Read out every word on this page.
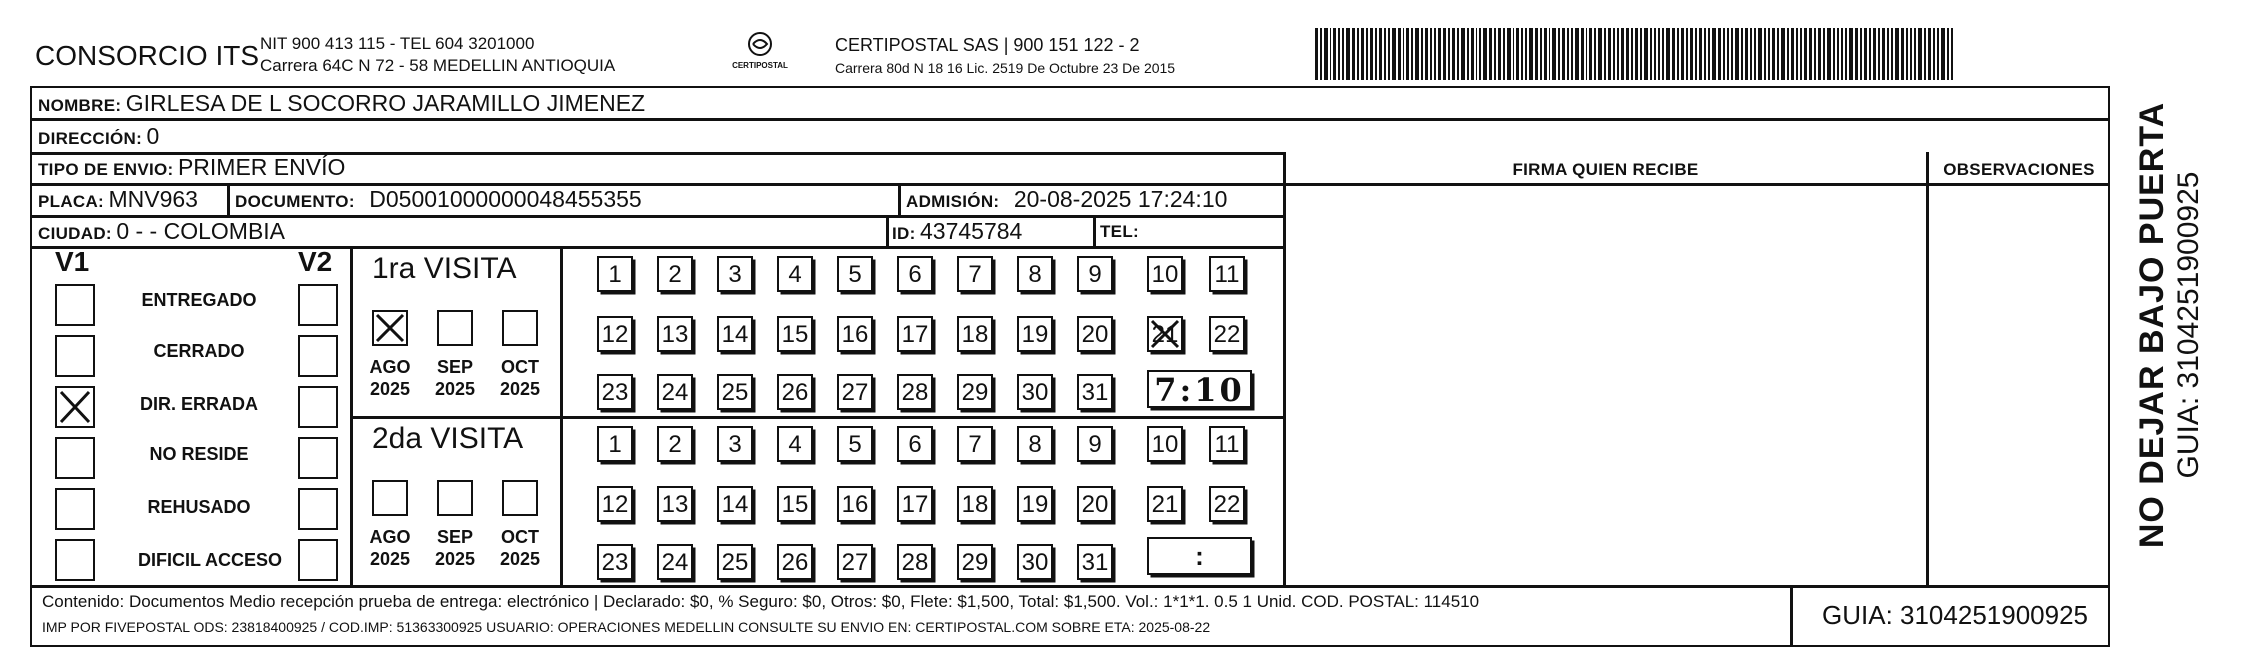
CONSORCIO ITS NIT 900 413 115 - TEL 604 3201000
Carrera 64C N 72 - 58 MEDELLIN ANTIOQUIA	CERTIPOSTAL
CERTIPOSTAL SAS | 900 151 122 - 2
Carrera 80d N 18 16 Lic. 2519 De Octubre 23 De 2015
NOMBRE: GIRLESA DE L SOCORRO JARAMILLO JIMENEZ
DIRECCIÓN: 0
TIPO DE ENVIO: PRIMER ENVÍO
PLACA: MNV963 DOCUMENTO: D05001000000048455355	ADMISIÓN: 20-08-2025 17:24:10
CIUDAD: 0 - - COLOMBIA	ID: 43745784	TEL:
FIRMA QUIEN RECIBE	OBSERVACIONES
V1	V2
ENTREGADO
CERRADO
DIR. ERRADA
NO RESIDE
REHUSADO
DIFICIL ACCESO
1ra VISITA
AGO
2025
SEP
2025
OCT
2025
1	2	3	4	5	6	7	8	9	10 11
12 13 14 15 16 17 18 19 20 21 22
23 24 25 26 27 28 29 30 31 7:10
2da VISITA
AGO
2025
SEP
2025
OCT
2025
1	2	3	4	5	6	7	8	9	10 11
12 13 14 15 16 17 18 19 20 21 22
23 24 25 26 27 28 29 30 31	:
Contenido: Documentos Medio recepción prueba de entrega: electrónico | Declarado: $0, % Seguro: $0, Otros: $0, Flete: $1,500, Total: $1,500. Vol.: 1*1*1. 0.5 1 Unid. COD. POSTAL: 114510
IMP POR FIVEPOSTAL ODS: 23818400925 / COD.IMP: 51363300925 USUARIO: OPERACIONES MEDELLIN CONSULTE SU ENVIO EN: CERTIPOSTAL.COM SOBRE ETA: 2025-08-22	GUIA: 3104251900925
NO DEJAR BAJO PUERTA GUIA: 3104251900925
